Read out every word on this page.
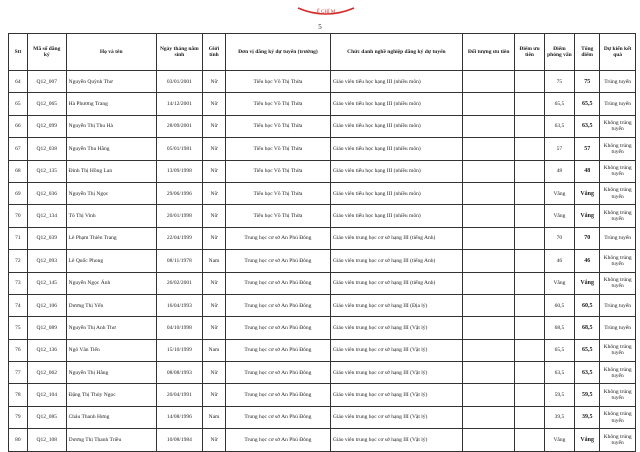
Ế CHÍ M
5
Stt	Mã số đăng ký	Họ và tên	Ngày tháng năm sinh	Giới tính	Đơn vị đăng ký dự tuyển (trường)	Chức danh nghề nghiệp đăng ký dự tuyển	Đối tượng ưu tiên	Điểm ưu tiên	Điểm phỏng vấn	Tổng điểm	Dự kiến kết quả
64	Q12_007	Nguyễn Quỳnh Thư	03/01/2001	Nữ	Tiểu học Võ Thị Thừa	Giáo viên tiểu học hạng III (nhiều môn)			75	75	Trúng tuyển
65	Q12_065	Hà Phương Trang	14/12/2001	Nữ	Tiểu học Võ Thị Thừa	Giáo viên tiểu học hạng III (nhiều môn)			65,5	65,5	Trúng tuyển
66	Q12_099	Nguyễn Thị Thu Hà	28/09/2001	Nữ	Tiểu học Võ Thị Thừa	Giáo viên tiểu học hạng III (nhiều môn)			63,5	63,5	Không trúng tuyển
67	Q12_038	Nguyễn Thu Hằng	05/01/1981	Nữ	Tiểu học Võ Thị Thừa	Giáo viên tiểu học hạng III (nhiều môn)			57	57	Không trúng tuyển
68	Q12_135	Đinh Thị Hồng Lan	13/09/1998	Nữ	Tiểu học Võ Thị Thừa	Giáo viên tiểu học hạng III (nhiều môn)			48	48	Không trúng tuyển
69	Q12_036	Nguyễn Thị Ngọc	29/06/1996	Nữ	Tiểu học Võ Thị Thừa	Giáo viên tiểu học hạng III (nhiều môn)			Vắng	Vắng	Không trúng tuyển
70	Q12_134	Tô Thị Vinh	20/01/1998	Nữ	Tiểu học Võ Thị Thừa	Giáo viên tiểu học hạng III (nhiều môn)			Vắng	Vắng	Không trúng tuyển
71	Q12_039	Lê Phạm Thiên Trang	22/04/1999	Nữ	Trung học cơ sở An Phú Đông	Giáo viên trung học cơ sở hạng III (tiếng Anh)			70	70	Trúng tuyển
72	Q12_093	Lê Quốc Phong	08/11/1978	Nam	Trung học cơ sở An Phú Đông	Giáo viên trung học cơ sở hạng III (tiếng Anh)			46	46	Không trúng tuyển
73	Q12_145	Nguyễn Ngọc Ánh	26/02/2001	Nữ	Trung học cơ sở An Phú Đông	Giáo viên trung học cơ sở hạng III (tiếng Anh)			Vắng	Vắng	Không trúng tuyển
74	Q12_106	Dương Thị Yến	16/04/1993	Nữ	Trung học cơ sở An Phú Đông	Giáo viên trung học cơ sở hạng III (Địa lý)			60,5	60,5	Trúng tuyển
75	Q12_089	Nguyễn Thị Anh Thư	04/10/1998	Nữ	Trung học cơ sở An Phú Đông	Giáo viên trung học cơ sở hạng III (Vật lý)			68,5	68,5	Trúng tuyển
76	Q12_136	Ngô Văn Tiến	15/10/1999	Nam	Trung học cơ sở An Phú Đông	Giáo viên trung học cơ sở hạng III (Vật lý)			65,5	65,5	Không trúng tuyển
77	Q12_062	Nguyễn Thị Hằng	08/08/1993	Nữ	Trung học cơ sở An Phú Đông	Giáo viên trung học cơ sở hạng III (Vật lý)			63,5	63,5	Không trúng tuyển
78	Q12_104	Đặng Thị Thủy Ngọc	20/04/1991	Nữ	Trung học cơ sở An Phú Đông	Giáo viên trung học cơ sở hạng III (Vật lý)			59,5	59,5	Không trúng tuyển
79	Q12_085	Châu Thanh Hưng	14/08/1996	Nam	Trung học cơ sở An Phú Đông	Giáo viên trung học cơ sở hạng III (Vật lý)			39,5	39,5	Không trúng tuyển
80	Q12_108	Dương Thị Thanh Triều	10/08/1984	Nữ	Trung học cơ sở An Phú Đông	Giáo viên trung học cơ sở hạng III (Vật lý)			Vắng	Vắng	Không trúng tuyển
